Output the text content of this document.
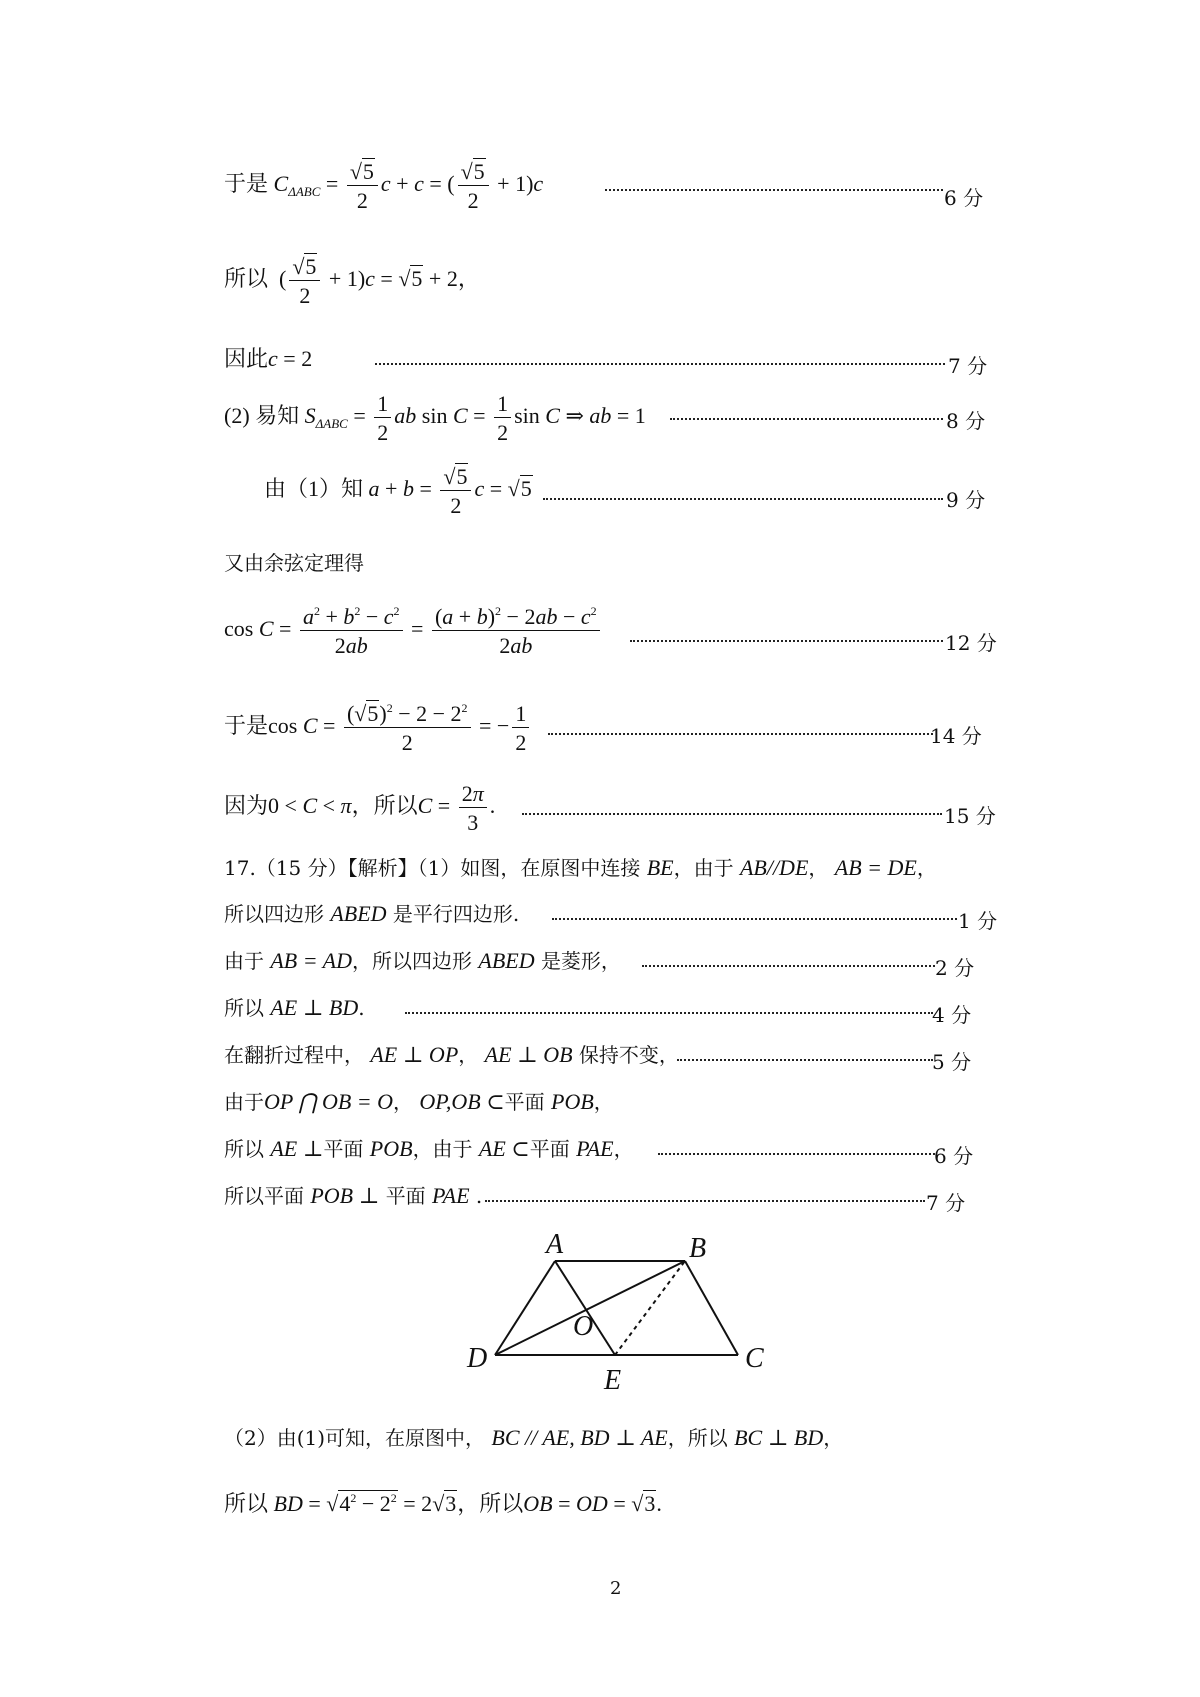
于是 $C_{\Delta ABC} = \frac{√5}{2}$ c + c = ( $\frac{√5}{2} + 1)c$
6 分
所以  ( $\frac{√5}{2} + 1)c = √5 + 2$，
因此c = 2	7 分
(2) 易知 $S_{\Delta ABC} = \frac{1}{2}$ ab $\sin C = \frac{1}{2}$ sin C ⇒ ab = 1	8 分
由（1）知 $a + b = \frac{√5}{2}$ c = √5	9 分
又由余弦定理得
$\cos C = \frac{a^2 + b^2 - c^2}{2ab} = \frac{(a + b)^2 - 2ab - c^2}{2ab}$	12 分
于是$\cos C = \frac{(√5)^2 - 2 - 2^2}{2}$ = − $\frac{1}{2}$	14 分
因为0 < C < π，所以$C = \frac{2\pi}{3}$ .	15 分
17.（15 分）【解析】（1）如图，在原图中连接 BE，由于 AB//DE， AB = DE，
所以四边形 ABED 是平行四边形.	1 分
由于 AB = AD，所以四边形 ABED 是菱形，	2 分
所以 AE ⊥ BD.	4 分
在翻折过程中， AE ⊥ OP， AE ⊥ OB 保持不变，	5 分
由于OP ⋂ OB = O， OP,OB ⊂平面 POB，
所以 AE ⊥平面 POB，由于 AE ⊂平面 PAE，	6 分
所以平面 POB ⊥ 平面 PAE .	7 分
A	B
C
D
E
O
（2）由(1)可知，在原图中， BC // AE, BD ⊥ AE，所以 BC ⊥ BD，
所以 BD = $√4^2 - 2^2 = 2√3$，所以OB = OD = √3.
2
